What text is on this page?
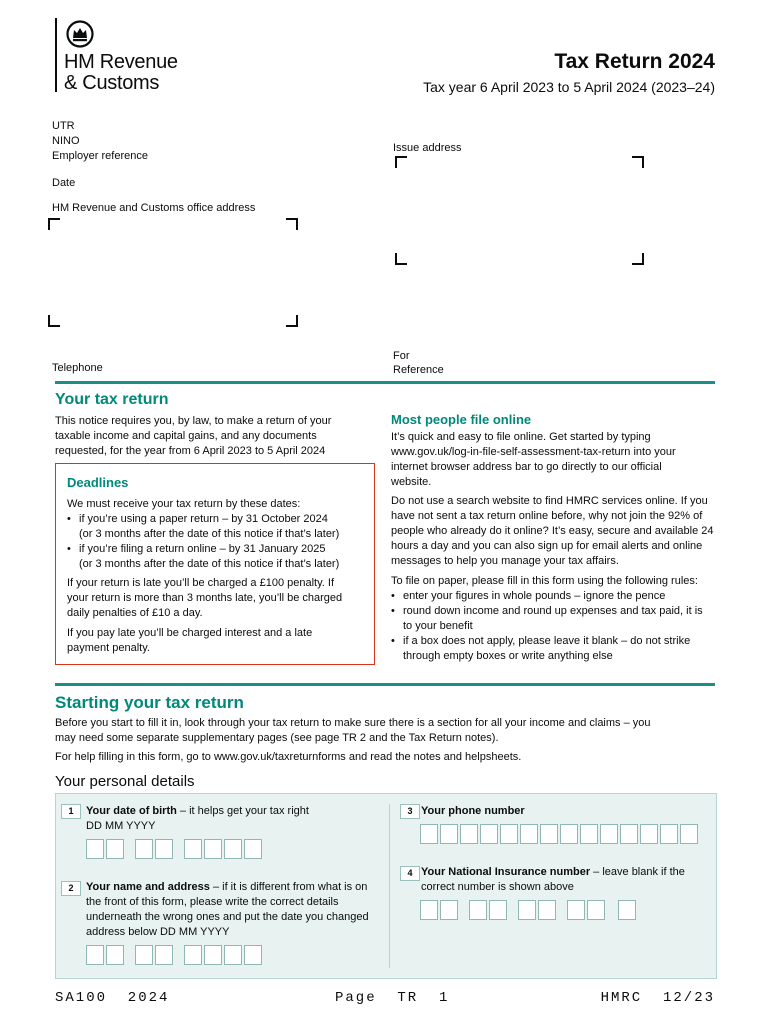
HM Revenue
& Customs
Tax Return 2024
Tax year 6 April 2023 to 5 April 2024 (2023–24)
UTR
NINO
Employer reference
Date
HM Revenue and Customs office address
Telephone
Issue address
For
Reference
Your tax return
This notice requires you, by law, to make a return of your taxable income and capital gains, and any documents requested, for the year from 6 April 2023 to 5 April 2024
Deadlines
We must receive your tax return by these dates:
• if you’re using a paper return – by 31 October 2024
(or 3 months after the date of this notice if that’s later)
• if you’re filing a return online – by 31 January 2025
(or 3 months after the date of this notice if that’s later)
If your return is late you’ll be charged a £100 penalty. If your return is more than 3 months late, you’ll be charged daily penalties of £10 a day.
If you pay late you’ll be charged interest and a late payment penalty.
Most people file online
It’s quick and easy to file online. Get started by typing www.gov.uk/log-in-file-self-assessment-tax-return into your internet browser address bar to go directly to our official website.
Do not use a search website to find HMRC services online. If you have not sent a tax return online before, why not join the 92% of people who already do it online? It’s easy, secure and available 24 hours a day and you can also sign up for email alerts and online messages to help you manage your tax affairs.
To file on paper, please fill in this form using the following rules:
• enter your figures in whole pounds – ignore the pence
• round down income and round up expenses and tax paid, it is to your benefit
• if a box does not apply, please leave it blank – do not strike through empty boxes or write anything else
Starting your tax return
Before you start to fill it in, look through your tax return to make sure there is a section for all your income and claims – you may need some separate supplementary pages (see page TR 2 and the Tax Return notes).
For help filling in this form, go to www.gov.uk/taxreturnforms and read the notes and helpsheets.
Your personal details
1	Your date of birth – it helps get your tax right
DD MM YYYY
2	Your name and address – if it is different from what is on the front of this form, please write the correct details underneath the wrong ones and put the date you changed address below DD MM YYYY
3 Your phone number
4 Your National Insurance number – leave blank if the correct number is shown above
SA100  2024	Page  TR  1	HMRC  12/23
